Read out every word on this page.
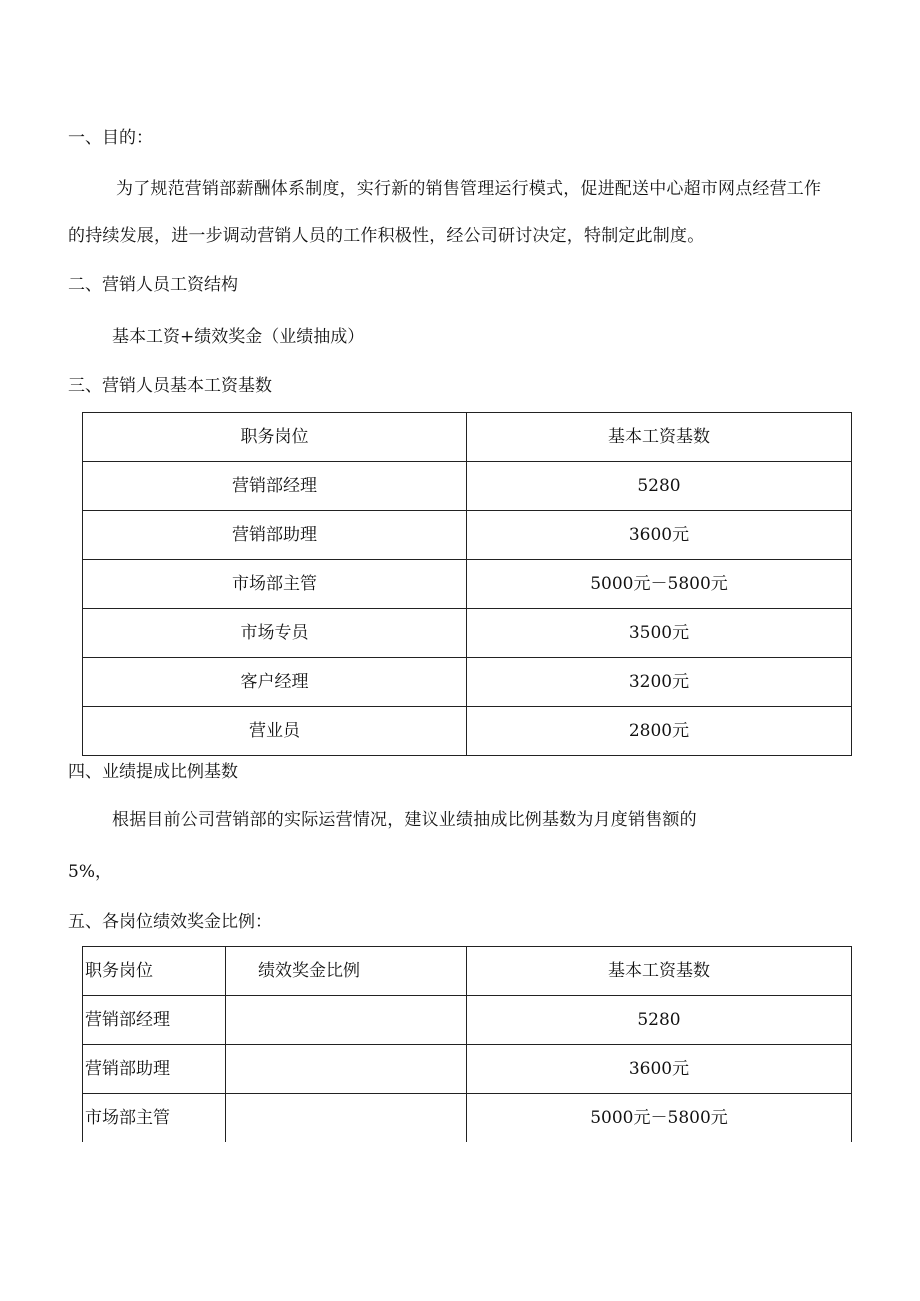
一、目的：
为了规范营销部薪酬体系制度，实行新的销售管理运行模式，促进配送中心超市网点经营工作
的持续发展，进一步调动营销人员的工作积极性，经公司研讨决定，特制定此制度。
二、营销人员工资结构
基本工资+绩效奖金（业绩抽成）
三、营销人员基本工资基数
职务岗位	基本工资基数
营销部经理	5280
营销部助理	3600元
市场部主管	5000元－5800元
市场专员	3500元
客户经理	3200元
营业员	2800元
四、业绩提成比例基数
根据目前公司营销部的实际运营情况，建议业绩抽成比例基数为月度销售额的
5%，
五、各岗位绩效奖金比例：
职务岗位	绩效奖金比例	基本工资基数
营销部经理		5280
营销部助理		3600元
市场部主管		5000元－5800元
